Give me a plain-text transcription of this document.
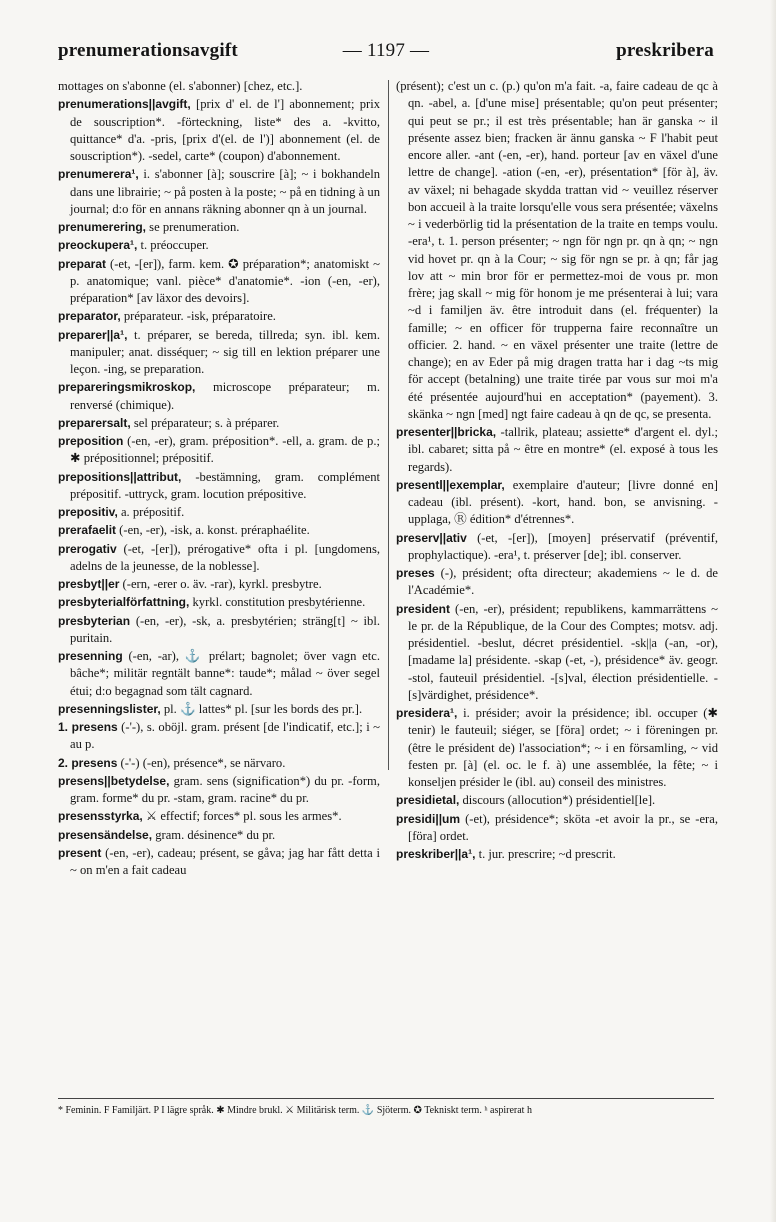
prenumerationsavgift	— 1197 —	preskribera

mottages on s'abonne (el. s'abonner) [chez, etc.].

prenumerations||avgift, [prix d' el. de l'] abonnement; prix de souscription*. -förteckning, liste* des a. -kvitto, quittance* d'a. -pris, [prix d'(el. de l')] abonnement (el. de souscription*). -sedel, carte* (coupon) d'abonnement.

prenumerera¹, i. s'abonner [à]; souscrire [à]; ~ i bokhandeln dans une librairie; ~ på posten à la poste; ~ på en tidning à un journal; d:o för en annans räkning abonner qn à un journal.

prenumerering, se prenumeration.

preockupera¹, t. préoccuper.

preparat (-et, -[er]), farm. kem. ✪ préparation*; anatomiskt ~ p. anatomique; vanl. pièce* d'anatomie*. -ion (-en, -er), préparation* [av läxor des devoirs].

preparator, préparateur. -isk, préparatoire.

preparer||a¹, t. préparer, se bereda, tillreda; syn. ibl. kem. manipuler; anat. disséquer; ~ sig till en lektion préparer une leçon. -ing, se preparation.

prepareringsmikroskop, microscope préparateur; m. renversé (chimique).

preparersalt, sel préparateur; s. à préparer.

preposition (-en, -er), gram. préposition*. -ell, a. gram. de p.; ✱ prépositionnel; prépositif.

prepositions||attribut, -bestämning, gram. complément prépositif. -uttryck, gram. locution prépositive.

prepositiv, a. prépositif.

prerafaelit (-en, -er), -isk, a. konst. préraphaélite.

prerogativ (-et, -[er]), prérogative* ofta i pl. [ungdomens, adelns de la jeunesse, de la noblesse].

presbyt||er (-ern, -erer o. äv. -rar), kyrkl. presbytre.

presbyterialförfattning, kyrkl. constitution presbytérienne.

presbyterian (-en, -er), -sk, a. presbytérien; sträng[t] ~ ibl. puritain.

presenning (-en, -ar), ⚓ prélart; bagnolet; över vagn etc. bâche*; militär regntält banne*: taude*; målad ~ över segel étui; d:o begagnad som tält cagnard.

presenningslister, pl. ⚓ lattes* pl. [sur les bords des pr.].

1. presens (-'-), s. oböjl. gram. présent [de l'indicatif, etc.]; i ~ au p.

2. presens (-'-) (-en), présence*, se närvaro.

presens||betydelse, gram. sens (signification*) du pr. -form, gram. forme* du pr. -stam, gram. racine* du pr.

presensstyrka, ⚔ effectif; forces* pl. sous les armes*.

presensändelse, gram. désinence* du pr.

present (-en, -er), cadeau; présent, se gåva; jag har fått detta i ~ on m'en a fait cadeau

(présent); c'est un c. (p.) qu'on m'a fait. -a, faire cadeau de qc à qn. -abel, a. [d'une mise] présentable; qu'on peut présenter; qui peut se pr.; il est très présentable; han är ganska ~ il présente assez bien; fracken är ännu ganska ~ F l'habit peut encore aller. -ant (-en, -er), hand. porteur [av en växel d'une lettre de change]. -ation (-en, -er), présentation* [för à], äv. av växel; ni behagade skydda trattan vid ~ veuillez réserver bon accueil à la traite lorsqu'elle vous sera présentée; växelns ~ i vederbörlig tid la présentation de la traite en temps voulu. -era¹, t. 1. person présenter; ~ ngn för ngn pr. qn à qn; ~ ngn vid hovet pr. qn à la Cour; ~ sig för ngn se pr. à qn; får jag lov att ~ min bror för er permettez-moi de vous pr. mon frère; jag skall ~ mig för honom je me présenterai à lui; vara ~d i familjen äv. être introduit dans (el. fréquenter) la famille; ~ en officer för trupperna faire reconnaître un officier. 2. hand. ~ en växel présenter une traite (lettre de change); en av Eder på mig dragen tratta har i dag ~ts mig för accept (betalning) une traite tirée par vous sur moi m'a été présentée aujourd'hui en acceptation* (payement). 3. skänka ~ ngn [med] ngt faire cadeau à qn de qc, se presenta.

presenter||bricka, -tallrik, plateau; assiette* d'argent el. dyl.; ibl. cabaret; sitta på ~ être en montre* (el. exposé à tous les regards).

presentl||exemplar, exemplaire d'auteur; [livre donné en] cadeau (ibl. présent). -kort, hand. bon, se anvisning. -upplaga, Ⓡ édition* d'étrennes*.

preserv||ativ (-et, -[er]), [moyen] préservatif (préventif, prophylactique). -era¹, t. préserver [de]; ibl. conserver.

preses (-), président; ofta directeur; akademiens ~ le d. de l'Académie*.

president (-en, -er), président; republikens, kammarrättens ~ le pr. de la République, de la Cour des Comptes; motsv. adj. présidentiel. -beslut, décret présidentiel. -sk||a (-an, -or), [madame la] présidente. -skap (-et, -), présidence* äv. geogr. -stol, fauteuil présidentiel. -[s]val, élection présidentielle. -[s]värdighet, présidence*.

presidera¹, i. présider; avoir la présidence; ibl. occuper (✱ tenir) le fauteuil; siéger, se [föra] ordet; ~ i föreningen pr. (être le président de) l'association*; ~ i en församling, ~ vid festen pr. [à] (el. oc. le f. à) une assemblée, la fête; ~ i konseljen présider le (ibl. au) conseil des ministres.

presidietal, discours (allocution*) présidentiel[le].

presidi||um (-et), présidence*; sköta -et avoir la pr., se -era, [föra] ordet.

preskriber||a¹, t. jur. prescrire; ~d prescrit.

* Feminin. F Familjärt. P I lägre språk. ✱ Mindre brukl. ⚔ Militärisk term. ⚓ Sjöterm. ✪ Tekniskt term. ʰ aspirerat h
